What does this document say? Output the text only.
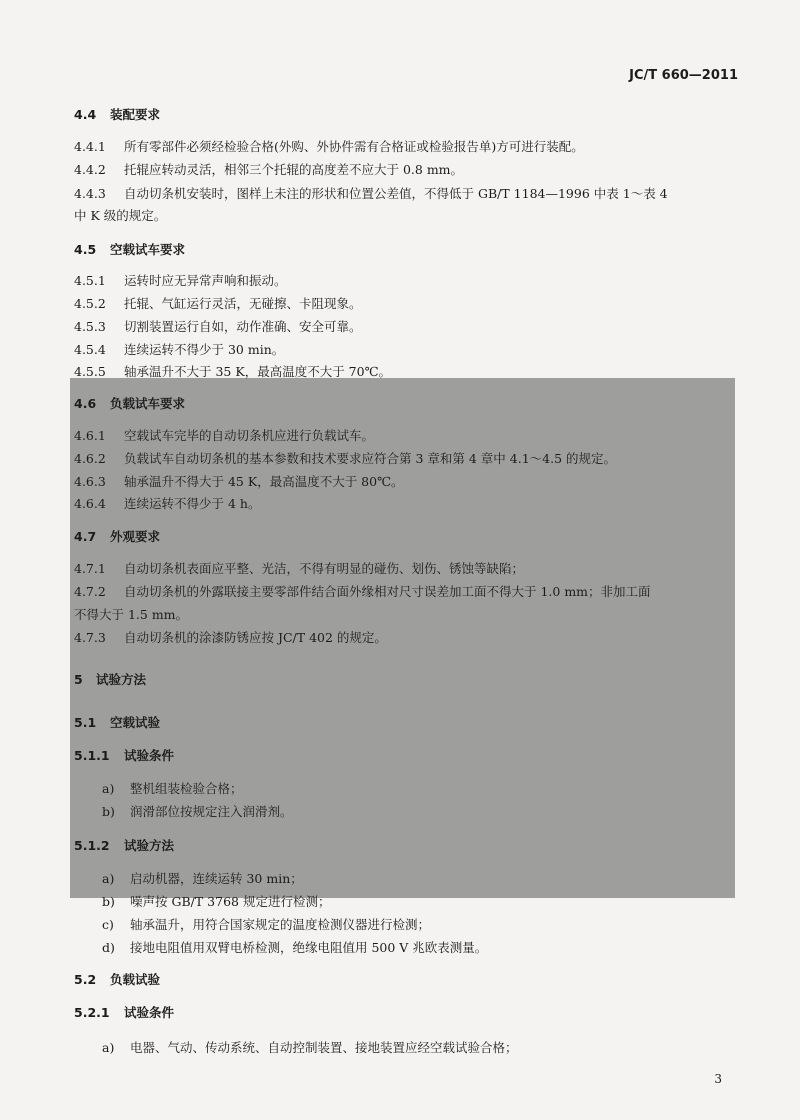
JC/T 660—2011
4.4 装配要求
4.4.1 所有零部件必须经检验合格(外购、外协件需有合格证或检验报告单)方可进行装配。
4.4.2 托辊应转动灵活，相邻三个托辊的高度差不应大于 0.8 mm。
4.4.3 自动切条机安装时，图样上未注的形状和位置公差值，不得低于 GB/T 1184—1996 中表 1～表 4
中 K 级的规定。
4.5 空载试车要求
4.5.1 运转时应无异常声响和振动。
4.5.2 托辊、气缸运行灵活，无碰擦、卡阻现象。
4.5.3 切割装置运行自如，动作准确、安全可靠。
4.5.4 连续运转不得少于 30 min。
4.5.5 轴承温升不大于 35 K，最高温度不大于 70℃。
4.6 负载试车要求
4.6.1 空载试车完毕的自动切条机应进行负载试车。
4.6.2 负载试车自动切条机的基本参数和技术要求应符合第 3 章和第 4 章中 4.1～4.5 的规定。
4.6.3 轴承温升不得大于 45 K，最高温度不大于 80℃。
4.6.4 连续运转不得少于 4 h。
4.7 外观要求
4.7.1 自动切条机表面应平整、光洁，不得有明显的碰伤、划伤、锈蚀等缺陷；
4.7.2 自动切条机的外露联接主要零部件结合面外缘相对尺寸误差加工面不得大于 1.0 mm；非加工面
不得大于 1.5 mm。
4.7.3 自动切条机的涂漆防锈应按 JC/T 402 的规定。
5 试验方法
5.1 空载试验
5.1.1 试验条件
a) 整机组装检验合格；
b) 润滑部位按规定注入润滑剂。
5.1.2 试验方法
a) 启动机器，连续运转 30 min；
b) 噪声按 GB/T 3768 规定进行检测；
c) 轴承温升，用符合国家规定的温度检测仪器进行检测；
d) 接地电阻值用双臂电桥检测，绝缘电阻值用 500 V 兆欧表测量。
5.2 负载试验
5.2.1 试验条件
a) 电器、气动、传动系统、自动控制装置、接地装置应经空载试验合格；
3
